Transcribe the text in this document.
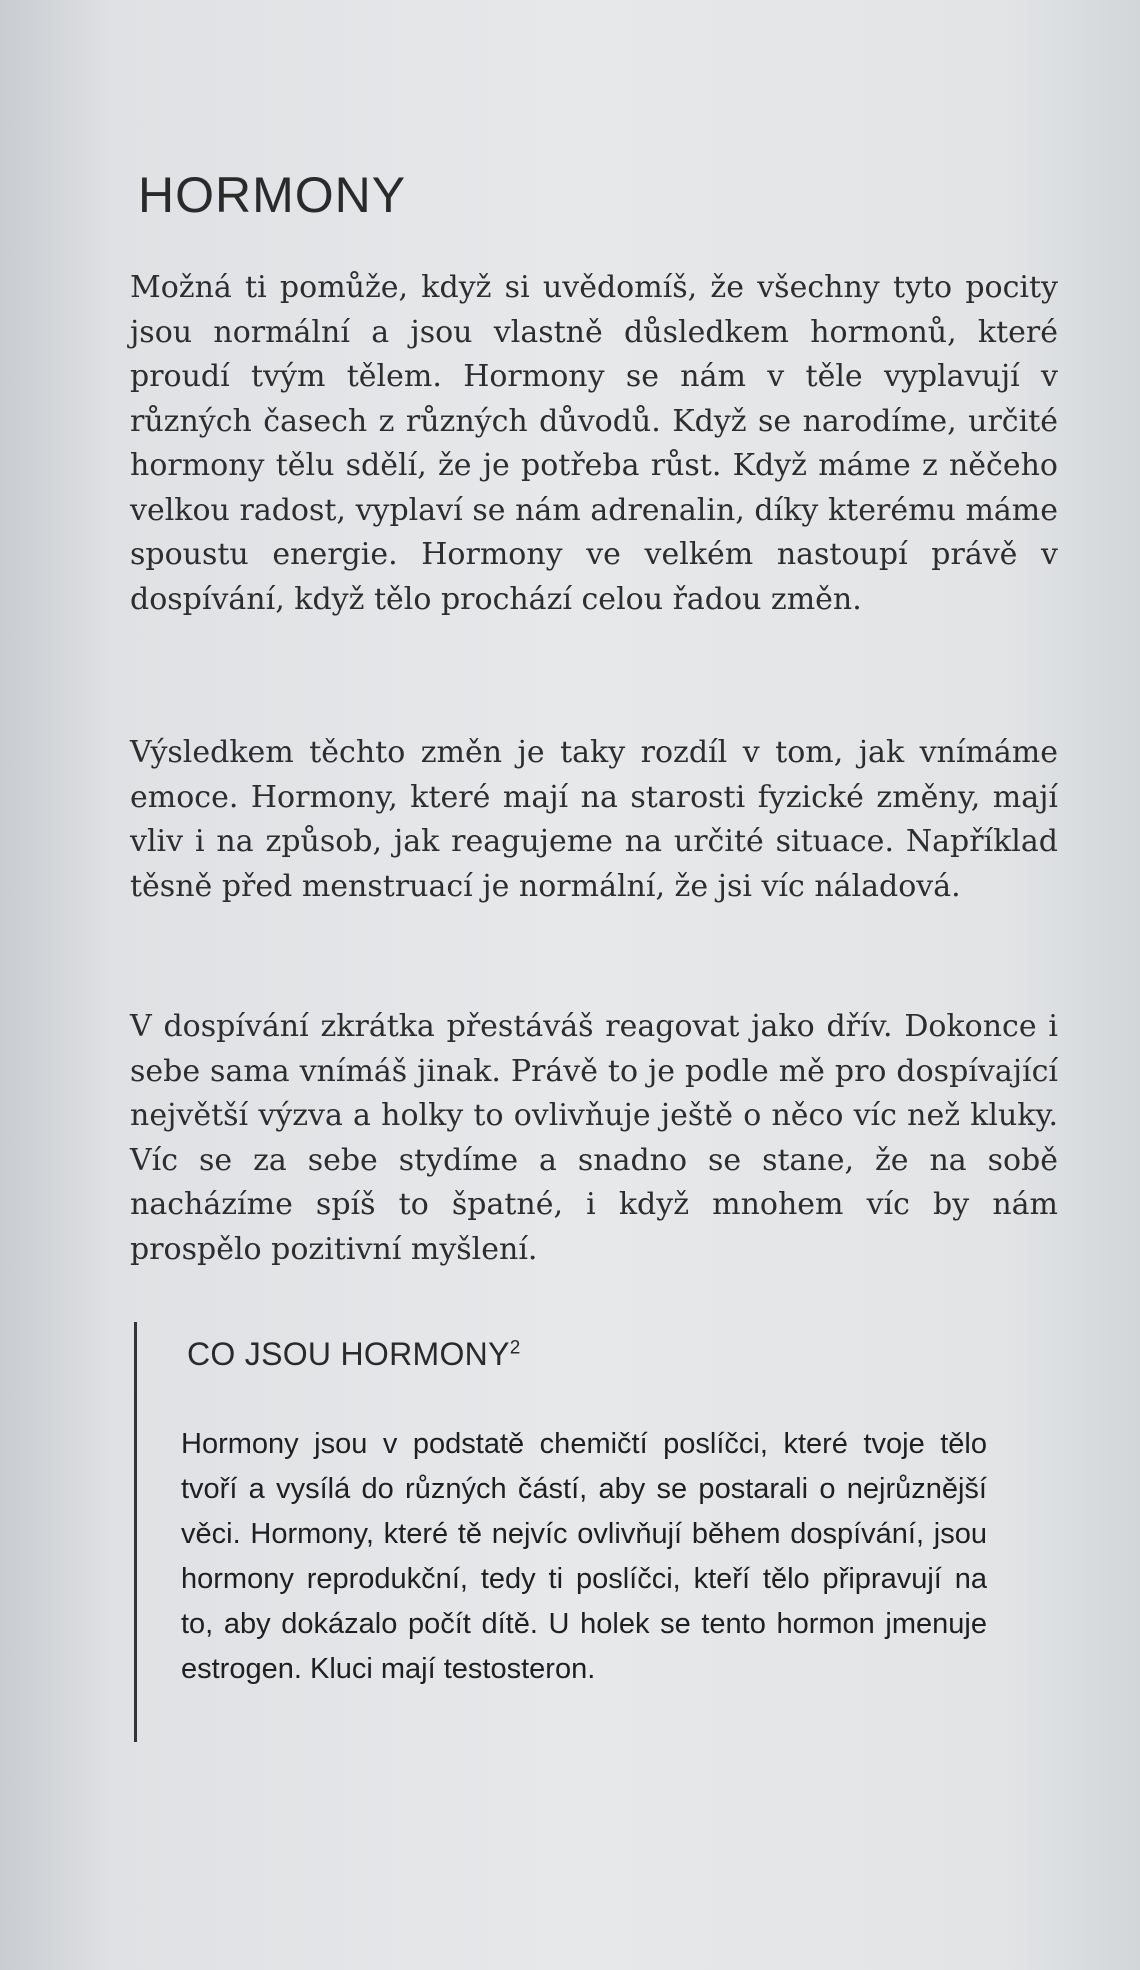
HORMONY

Možná ti pomůže, když si uvědomíš, že všechny tyto pocity jsou normální a jsou vlastně důsledkem hormonů, které proudí tvým tělem. Hormony se nám v těle vyplavují v různých časech z různých důvodů. Když se narodíme, určité hormony tělu sdělí, že je potřeba růst. Když máme z něčeho velkou radost, vyplaví se nám adrenalin, díky kterému máme spoustu energie. Hormony ve velkém nastoupí právě v dospívání, když tělo prochází celou řadou změn.

Výsledkem těchto změn je taky rozdíl v tom, jak vnímáme emoce. Hormony, které mají na starosti fyzické změny, mají vliv i na způsob, jak reagujeme na určité situace. Například těsně před menstruací je normální, že jsi víc náladová.

V dospívání zkrátka přestáváš reagovat jako dřív. Dokonce i sebe sama vnímáš jinak. Právě to je podle mě pro dospívající největší výzva a holky to ovlivňuje ještě o něco víc než kluky. Víc se za sebe stydíme a snadno se stane, že na sobě nacházíme spíš to špatné, i když mnohem víc by nám prospělo pozitivní myšlení.

CO JSOU HORMONY$^2$

Hormony jsou v podstatě chemičtí poslíčci, které tvoje tělo tvoří a vysílá do různých částí, aby se postarali o nejrůznější věci. Hormony, které tě nejvíc ovlivňují během dospívání, jsou hormony reprodukční, tedy ti poslíčci, kteří tělo připravují na to, aby dokázalo počít dítě. U holek se tento hormon jmenuje estrogen. Kluci mají testosteron.
